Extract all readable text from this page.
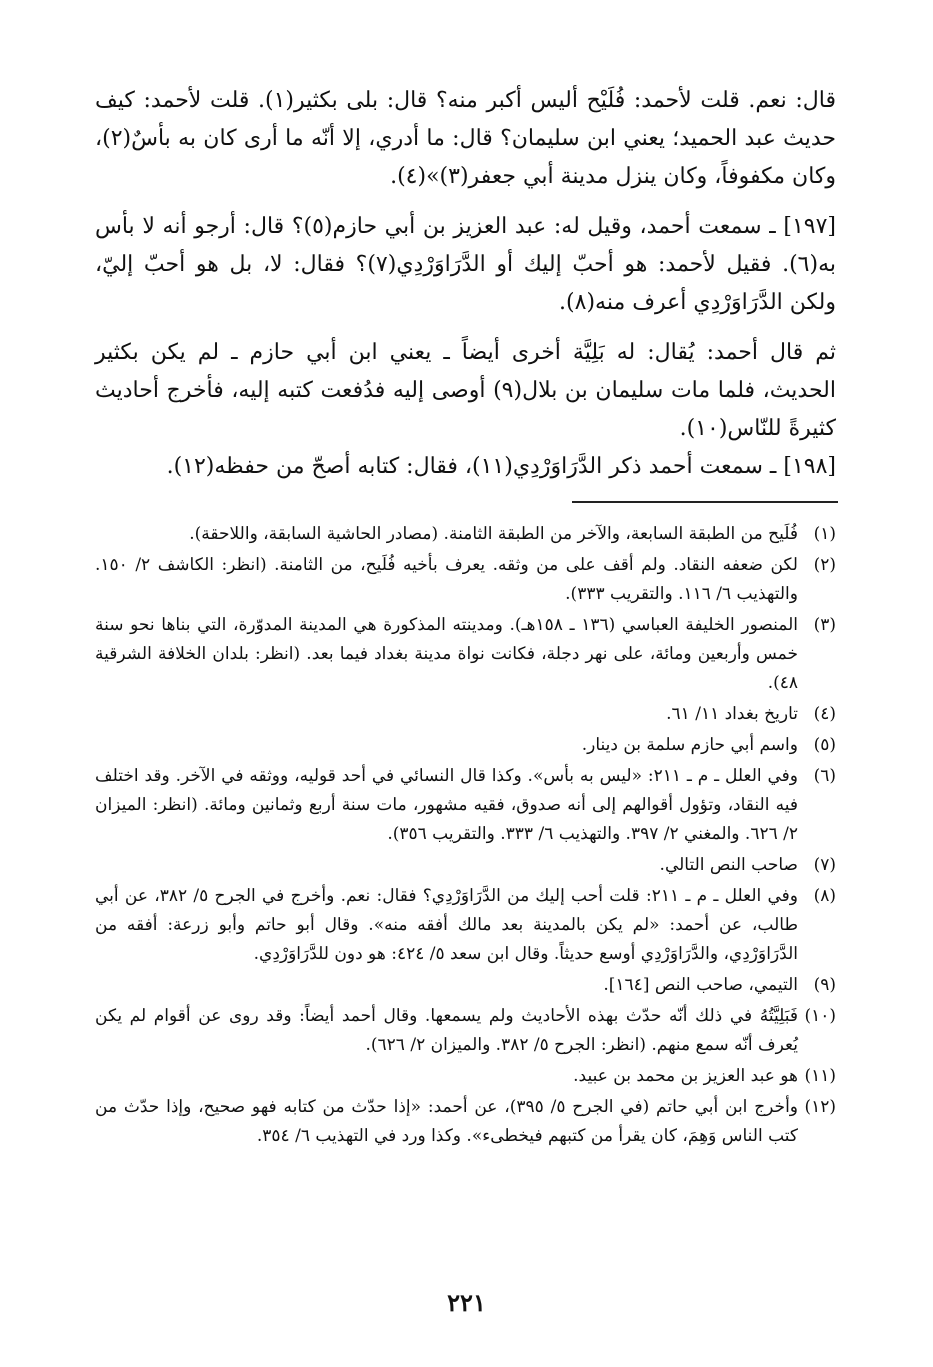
قال: نعم. قلت لأحمد: فُلَيْح أليس أكبر منه؟ قال: بلى بكثير(١). قلت لأحمد: كيف حديث عبد الحميد؛ يعني ابن سليمان؟ قال: ما أدري، إلا أنّه ما أرى كان به بأسٌ(٢)، وكان مكفوفاً، وكان ينزل مدينة أبي جعفر(٣)»(٤).

[١٩٧] ـ سمعت أحمد، وقيل له: عبد العزيز بن أبي حازم(٥)؟ قال: أرجو أنه لا بأس به(٦). فقيل لأحمد: هو أحبّ إليك أو الدَّرَاوَرْدِي(٧)؟ فقال: لا، بل هو أحبّ إليّ، ولكن الدَّرَاوَرْدِي أعرف منه(٨).

ثم قال أحمد: يُقال: له بَلِيَّة أخرى أيضاً ـ يعني ابن أبي حازم ـ لم يكن بكثير الحديث، فلما مات سليمان بن بلال(٩) أوصى إليه فدُفعت كتبه إليه، فأخرج أحاديث كثيرةً للنّاس(١٠).

[١٩٨] ـ سمعت أحمد ذكر الدَّرَاوَرْدِي(١١)، فقال: كتابه أصحّ من حفظه(١٢).

(١)
فُلَيح من الطبقة السابعة، والآخر من الطبقة الثامنة. (مصادر الحاشية السابقة، واللاحقة).
(٢)
لكن ضعفه النقاد. ولم أقف على من وثقه. يعرف بأخيه فُلَيح، من الثامنة. (انظر: الكاشف ٢/ ١٥٠. والتهذيب ٦/ ١١٦. والتقريب ٣٣٣).
(٣)
المنصور الخليفة العباسي (١٣٦ ـ ١٥٨هـ). ومدينته المذكورة هي المدينة المدوّرة، التي بناها نحو سنة خمس وأربعين ومائة، على نهر دجلة، فكانت نواة مدينة بغداد فيما بعد. (انظر: بلدان الخلافة الشرقية ٤٨).
(٤)
تاريخ بغداد ١١/ ٦١.
(٥)
واسم أبي حازم سلمة بن دينار.
(٦)
وفي العلل ـ م ـ ٢١١: «ليس به بأس». وكذا قال النسائي في أحد قوليه، ووثقه في الآخر. وقد اختلف فيه النقاد، وتؤول أقوالهم إلى أنه صدوق، فقيه مشهور، مات سنة أربع وثمانين ومائة. (انظر: الميزان ٢/ ٦٢٦. والمغني ٢/ ٣٩٧. والتهذيب ٦/ ٣٣٣. والتقريب ٣٥٦).
(٧)
صاحب النص التالي.
(٨)
وفي العلل ـ م ـ ٢١١: قلت أحب إليك من الدَّرَاوَرْدِي؟ فقال: نعم. وأخرج في الجرح ٥/ ٣٨٢، عن أبي طالب، عن أحمد: «لم يكن بالمدينة بعد مالك أفقه منه». وقال أبو حاتم وأبو زرعة: أفقه من الدَّرَاوَرْدِي، والدَّرَاوَرْدِي أوسع حديثاً. وقال ابن سعد ٥/ ٤٢٤: هو دون للدَّرَاوَرْدِي.
(٩)
التيمي، صاحب النص [١٦٤].
(١٠)
فَبَلِيَّتُهُ في ذلك أنّه حدّث بهذه الأحاديث ولم يسمعها. وقال أحمد أيضاً: وقد روى عن أقوام لم يكن يُعرف أنّه سمع منهم. (انظر: الجرح ٥/ ٣٨٢. والميزان ٢/ ٦٢٦).
(١١)
هو عبد العزيز بن محمد بن عبيد.
(١٢)
وأخرج ابن أبي حاتم (في الجرح ٥/ ٣٩٥)، عن أحمد: «إذا حدّث من كتابه فهو صحيح، وإذا حدّث من كتب الناس وَهِمَ، كان يقرأ من كتبهم فيخطىء». وكذا ورد في التهذيب ٦/ ٣٥٤.
٢٢١
